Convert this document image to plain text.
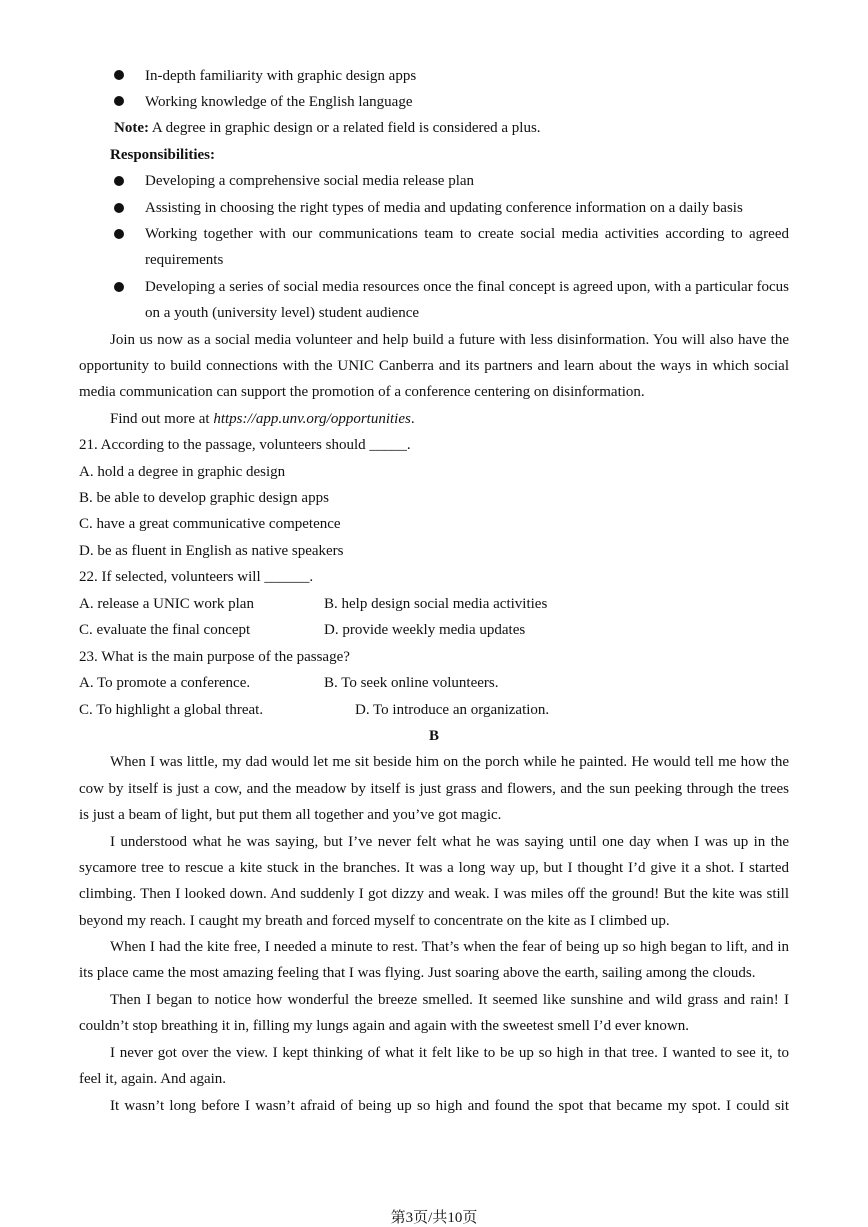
In-depth familiarity with graphic design apps
Working knowledge of the English language
Note: A degree in graphic design or a related field is considered a plus.
Responsibilities:
Developing a comprehensive social media release plan
Assisting in choosing the right types of media and updating conference information on a daily basis
Working together with our communications team to create social media activities according to agreed
requirements
Developing a series of social media resources once the final concept is agreed upon, with a particular focus
on a youth (university level) student audience
Join us now as a social media volunteer and help build a future with less disinformation. You will also have the
opportunity to build connections with the UNIC Canberra and its partners and learn about the ways in which social
media communication can support the promotion of a conference centering on disinformation.
Find out more at https://app.unv.org/opportunities.
21. According to the passage, volunteers should _____.
A. hold a degree in graphic design
B. be able to develop graphic design apps
C. have a great communicative competence
D. be as fluent in English as native speakers
22. If selected, volunteers will ______.
A. release a UNIC work plan	B. help design social media activities
C. evaluate the final concept	D. provide weekly media updates
23. What is the main purpose of the passage?
A. To promote a conference.	B. To seek online volunteers.
C. To highlight a global threat.	D. To introduce an organization.
B
When I was little, my dad would let me sit beside him on the porch while he painted. He would tell me how the
cow by itself is just a cow, and the meadow by itself is just grass and flowers, and the sun peeking through the trees
is just a beam of light, but put them all together and you’ve got magic.
I understood what he was saying, but I’ve never felt what he was saying until one day when I was up in the
sycamore tree to rescue a kite stuck in the branches. It was a long way up, but I thought I’d give it a shot. I started
climbing. Then I looked down. And suddenly I got dizzy and weak. I was miles off the ground! But the kite was still
beyond my reach. I caught my breath and forced myself to concentrate on the kite as I climbed up.
When I had the kite free, I needed a minute to rest. That’s when the fear of being up so high began to lift, and in
its place came the most amazing feeling that I was flying. Just soaring above the earth, sailing among the clouds.
Then I began to notice how wonderful the breeze smelled. It seemed like sunshine and wild grass and rain! I
couldn’t stop breathing it in, filling my lungs again and again with the sweetest smell I’d ever known.
I never got over the view. I kept thinking of what it felt like to be up so high in that tree. I wanted to see it, to
feel it, again. And again.
It wasn’t long before I wasn’t afraid of being up so high and found the spot that became my spot. I could sit
第3页/共10页
